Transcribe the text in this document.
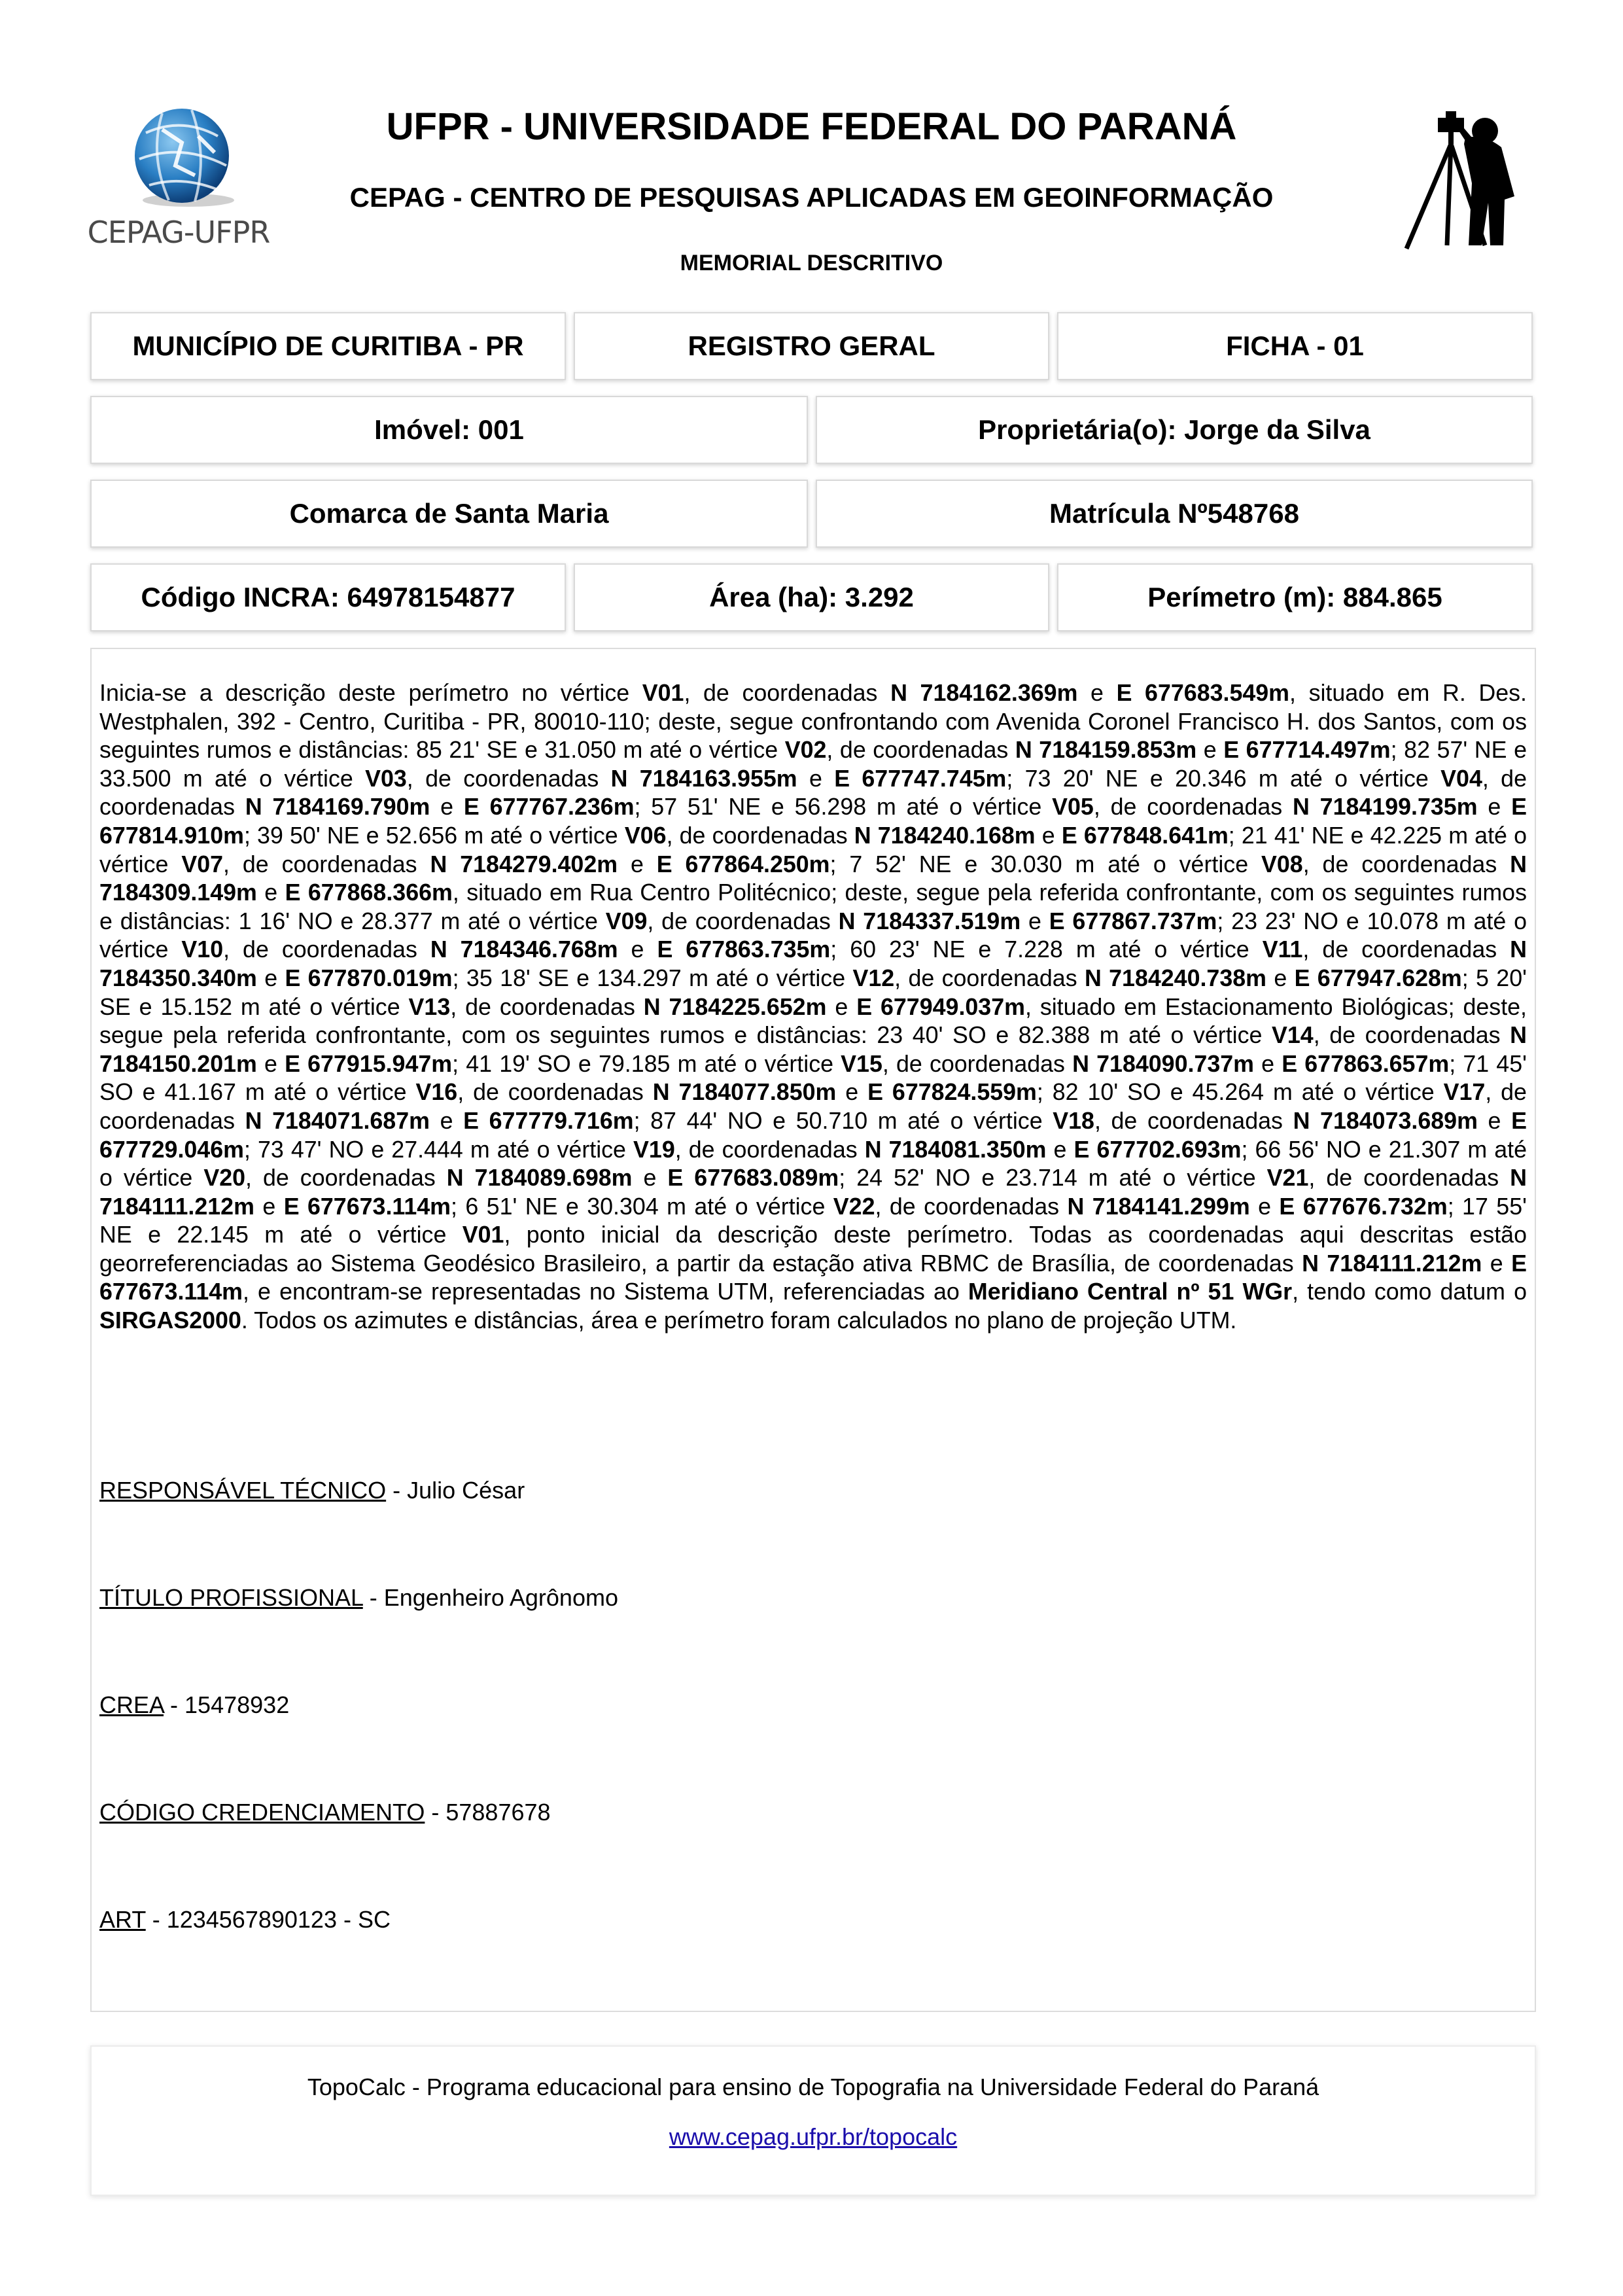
CEPAG-UFPR
UFPR - UNIVERSIDADE FEDERAL DO PARANÁ
CEPAG - CENTRO DE PESQUISAS APLICADAS EM GEOINFORMAÇÃO
MEMORIAL DESCRITIVO
MUNICÍPIO DE CURITIBA - PR	REGISTRO GERAL	FICHA - 01
Imóvel: 001	Proprietária(o): Jorge da Silva
Comarca de Santa Maria	Matrícula Nº548768
Código INCRA: 64978154877	Área (ha): 3.292	Perímetro (m): 884.865
Inicia-se a descrição deste perímetro no vértice V01, de coordenadas N 7184162.369m e E 677683.549m, situado em R. Des. Westphalen, 392 - Centro, Curitiba - PR, 80010-110; deste, segue confrontando com Avenida Coronel Francisco H. dos Santos, com os seguintes rumos e distâncias: 85 21' SE e 31.050 m até o vértice V02, de coordenadas N 7184159.853m e E 677714.497m; 82 57' NE e 33.500 m até o vértice V03, de coordenadas N 7184163.955m e E 677747.745m; 73 20' NE e 20.346 m até o vértice V04, de coordenadas N 7184169.790m e E 677767.236m; 57 51' NE e 56.298 m até o vértice V05, de coordenadas N 7184199.735m e E 677814.910m; 39 50' NE e 52.656 m até o vértice V06, de coordenadas N 7184240.168m e E 677848.641m; 21 41' NE e 42.225 m até o vértice V07, de coordenadas N 7184279.402m e E 677864.250m; 7 52' NE e 30.030 m até o vértice V08, de coordenadas N 7184309.149m e E 677868.366m, situado em Rua Centro Politécnico; deste, segue pela referida confrontante, com os seguintes rumos e distâncias: 1 16' NO e 28.377 m até o vértice V09, de coordenadas N 7184337.519m e E 677867.737m; 23 23' NO e 10.078 m até o vértice V10, de coordenadas N 7184346.768m e E 677863.735m; 60 23' NE e 7.228 m até o vértice V11, de coordenadas N 7184350.340m e E 677870.019m; 35 18' SE e 134.297 m até o vértice V12, de coordenadas N 7184240.738m e E 677947.628m; 5 20' SE e 15.152 m até o vértice V13, de coordenadas N 7184225.652m e E 677949.037m, situado em Estacionamento Biológicas; deste, segue pela referida confrontante, com os seguintes rumos e distâncias: 23 40' SO e 82.388 m até o vértice V14, de coordenadas N 7184150.201m e E 677915.947m; 41 19' SO e 79.185 m até o vértice V15, de coordenadas N 7184090.737m e E 677863.657m; 71 45' SO e 41.167 m até o vértice V16, de coordenadas N 7184077.850m e E 677824.559m; 82 10' SO e 45.264 m até o vértice V17, de coordenadas N 7184071.687m e E 677779.716m; 87 44' NO e 50.710 m até o vértice V18, de coordenadas N 7184073.689m e E 677729.046m; 73 47' NO e 27.444 m até o vértice V19, de coordenadas N 7184081.350m e E 677702.693m; 66 56' NO e 21.307 m até o vértice V20, de coordenadas N 7184089.698m e E 677683.089m; 24 52' NO e 23.714 m até o vértice V21, de coordenadas N 7184111.212m e E 677673.114m; 6 51' NE e 30.304 m até o vértice V22, de coordenadas N 7184141.299m e E 677676.732m; 17 55' NE e 22.145 m até o vértice V01, ponto inicial da descrição deste perímetro. Todas as coordenadas aqui descritas estão georreferenciadas ao Sistema Geodésico Brasileiro, a partir da estação ativa RBMC de Brasília, de coordenadas N 7184111.212m e E 677673.114m, e encontram-se representadas no Sistema UTM, referenciadas ao Meridiano Central nº 51 WGr, tendo como datum o SIRGAS2000. Todos os azimutes e distâncias, área e perímetro foram calculados no plano de projeção UTM.
RESPONSÁVEL TÉCNICO - Julio César
TÍTULO PROFISSIONAL - Engenheiro Agrônomo
CREA - 15478932
CÓDIGO CREDENCIAMENTO - 57887678
ART - 1234567890123 - SC
TopoCalc - Programa educacional para ensino de Topografia na Universidade Federal do Paraná
www.cepag.ufpr.br/topocalc
